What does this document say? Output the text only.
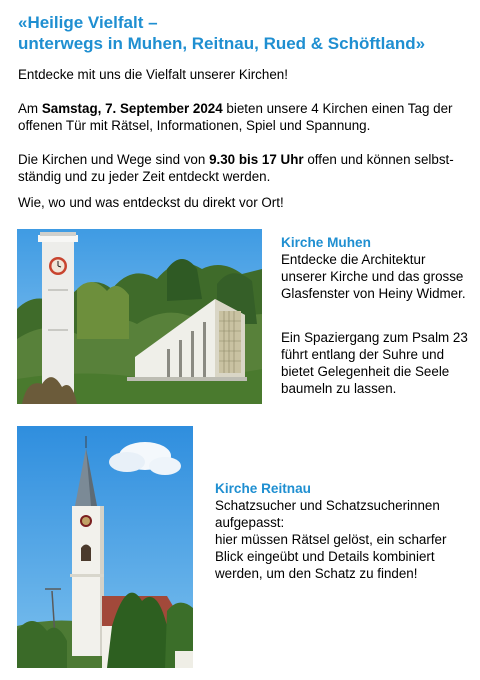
«Heilige Vielfalt –
unterwegs in Muhen, Reitnau, Rued & Schöftland»

Entdecke mit uns die Vielfalt unserer Kirchen!

Am Samstag, 7. September 2024 bieten unsere 4 Kirchen einen Tag der offenen Tür mit Rätsel, Informationen, Spiel und Spannung.

Die Kirchen und Wege sind von 9.30 bis 17 Uhr offen und können selbst-ständig und zu jeder Zeit entdeckt werden.

Wie, wo und was entdeckst du direkt vor Ort!

Kirche Muhen

Entdecke die Architektur unserer Kirche und das grosse Glasfenster von Heiny Widmer.

Ein Spaziergang zum Psalm 23 führt entlang der Suhre und bietet Gelegenheit die Seele baumeln zu lassen.

Kirche Reitnau

Schatzsucher und Schatzsucherinnen aufgepasst:

hier müssen Rätsel gelöst, ein scharfer Blick eingeübt und Details kombiniert werden, um den Schatz zu finden!
